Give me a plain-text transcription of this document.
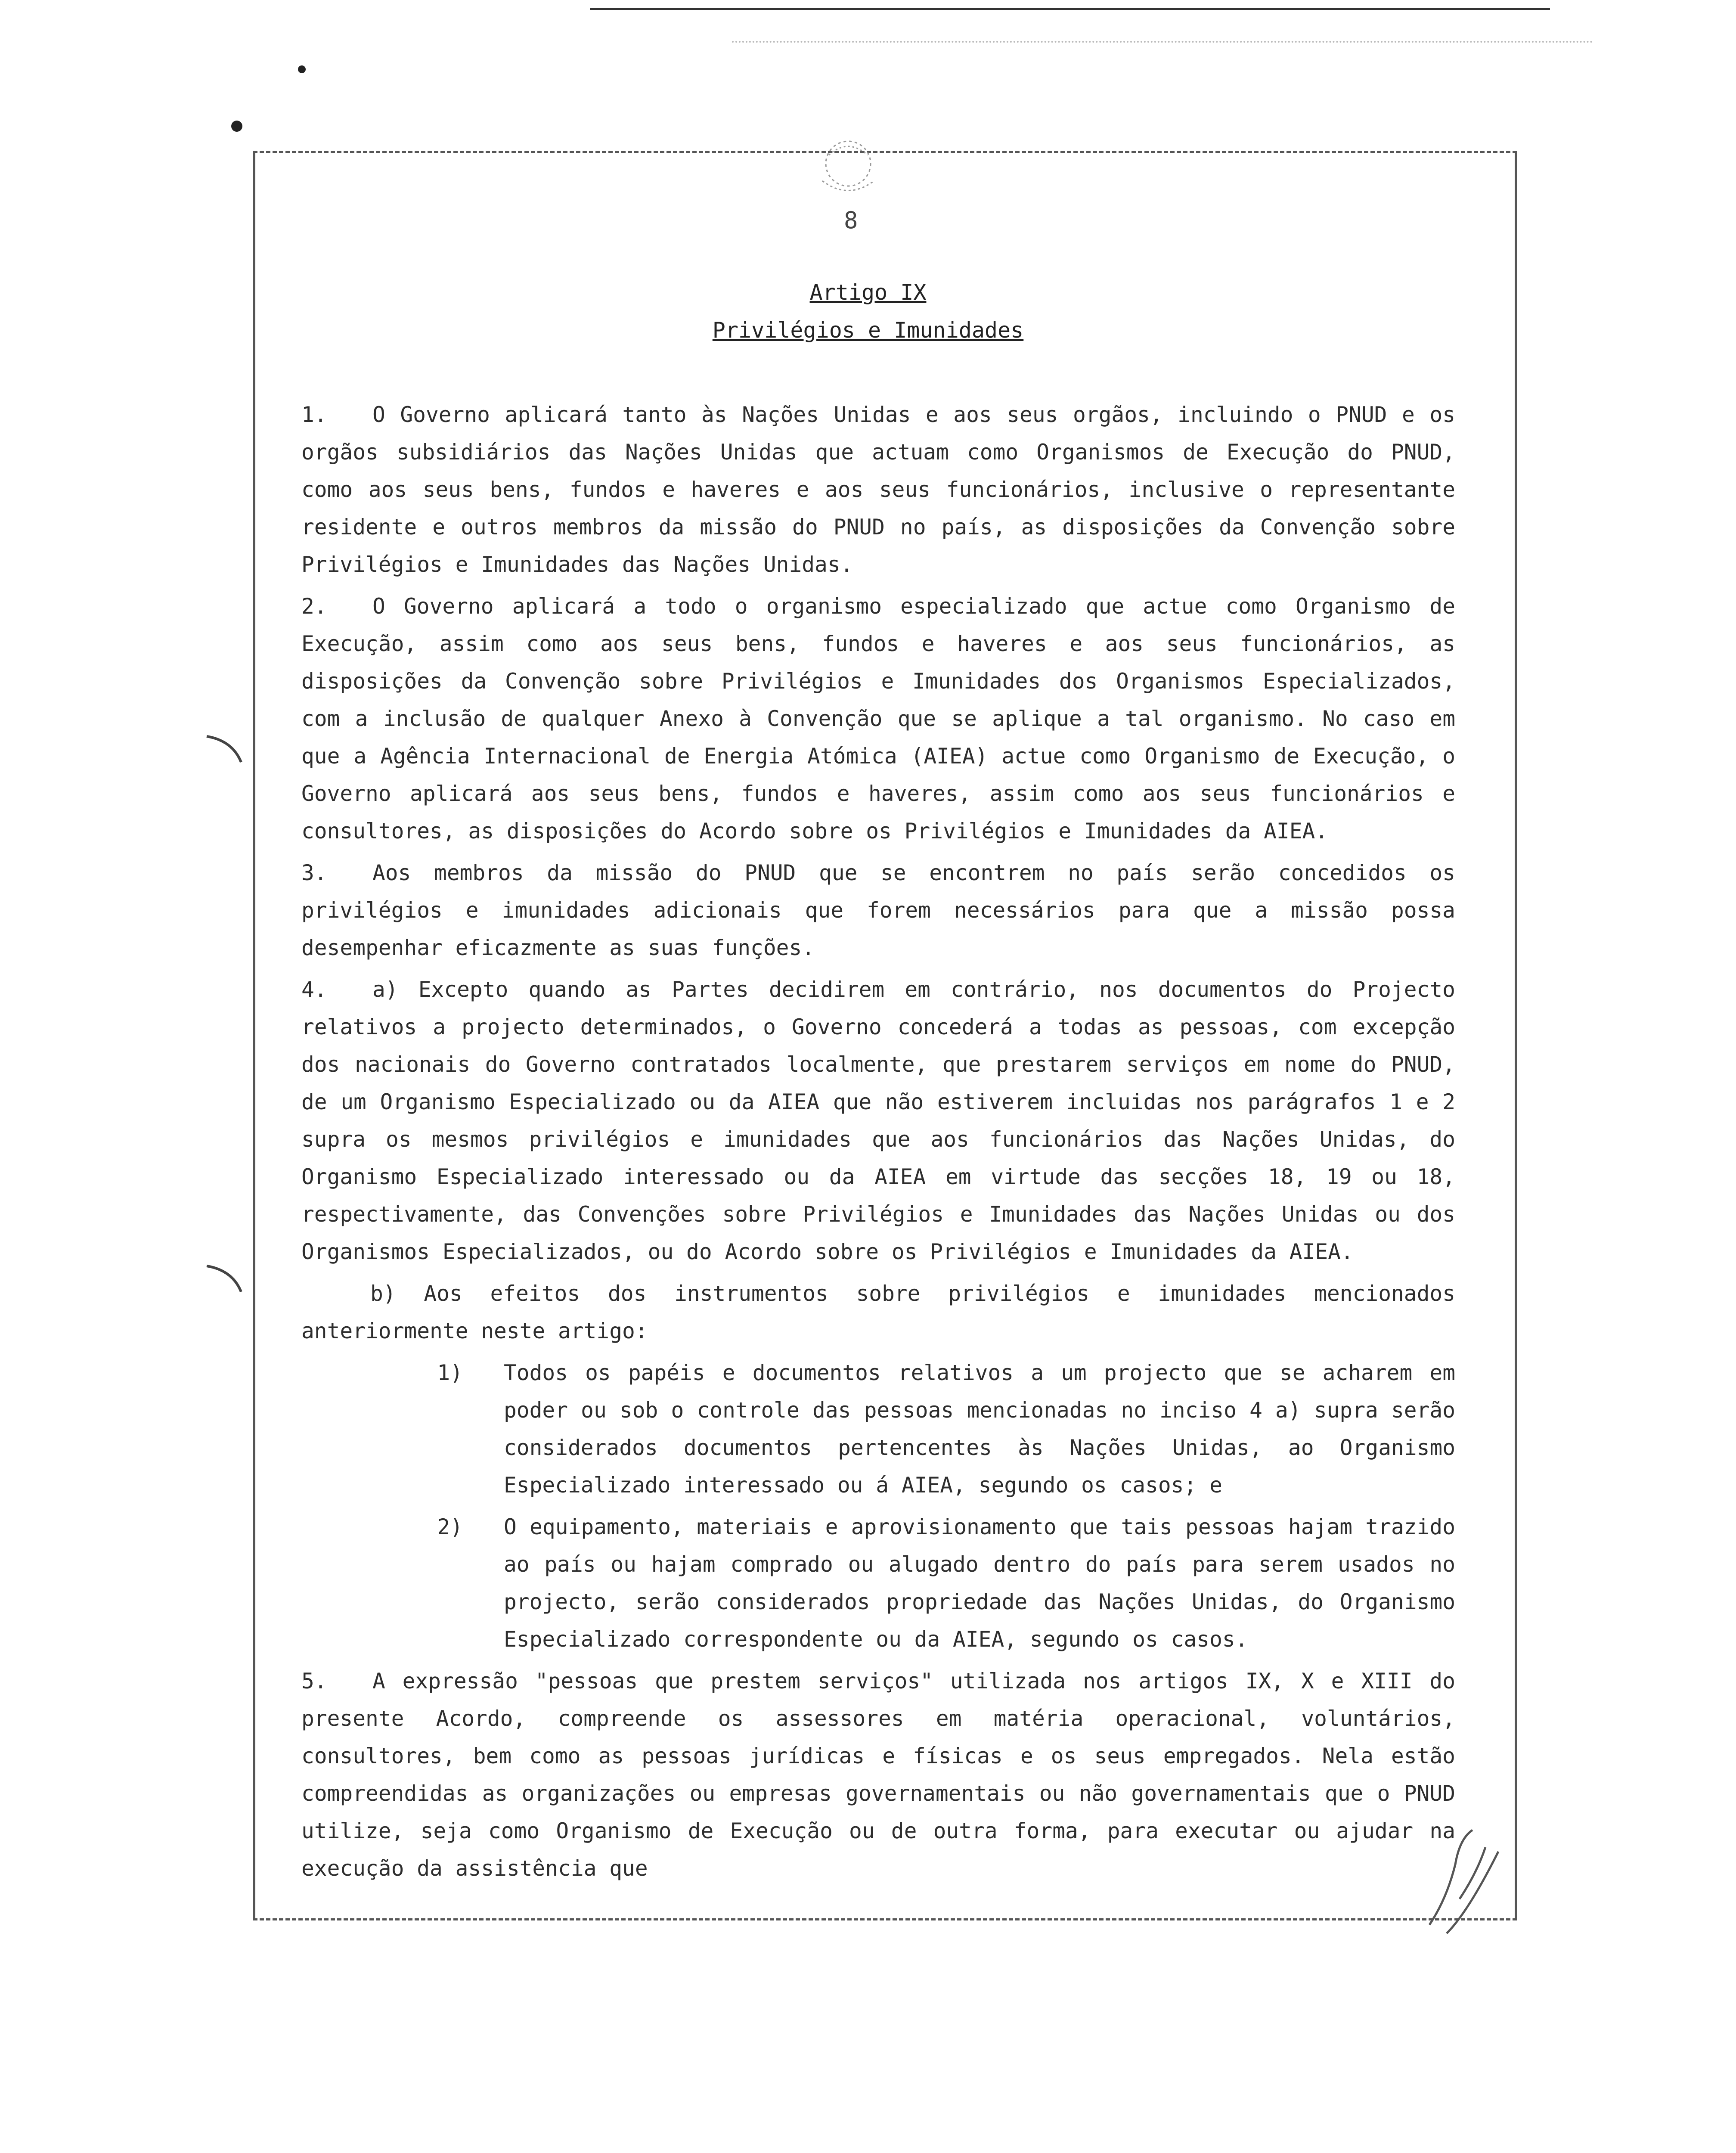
8
Artigo IX
Privilégios e Imunidades

1. O Governo aplicará tanto às Nações Unidas e aos seus orgãos, incluindo o PNUD e os orgãos subsidiários das Nações Unidas que actuam como Organismos de Execução do PNUD, como aos seus bens, fundos e haveres e aos seus funcionários, inclusive o representante residente e outros membros da missão do PNUD no país, as disposições da Convenção sobre Privilégios e Imunidades das Nações Unidas.

2. O Governo aplicará a todo o organismo especializado que actue como Organismo de Execução, assim como aos seus bens, fundos e haveres e aos seus funcionários, as disposições da Convenção sobre Privilégios e Imunidades dos Organismos Especializados, com a inclusão de qualquer Anexo à Convenção que se aplique a tal organismo. No caso em que a Agência Internacional de Energia Atómica (AIEA) actue como Organismo de Execução, o Governo aplicará aos seus bens, fundos e haveres, assim como aos seus funcionários e consultores, as disposições do Acordo sobre os Privilégios e Imunidades da AIEA.

3. Aos membros da missão do PNUD que se encontrem no país serão concedidos os privilégios e imunidades adicionais que forem necessários para que a missão possa desempenhar eficazmente as suas funções.

4. a) Excepto quando as Partes decidirem em contrário, nos documentos do Projecto relativos a projecto determinados, o Governo concederá a todas as pessoas, com excepção dos nacionais do Governo contratados localmente, que prestarem serviços em nome do PNUD, de um Organismo Especializado ou da AIEA que não estiverem incluidas nos parágrafos 1 e 2 supra os mesmos privilégios e imunidades que aos funcionários das Nações Unidas, do Organismo Especializado interessado ou da AIEA em virtude das secções 18, 19 ou 18, respectivamente, das Convenções sobre Privilégios e Imunidades das Nações Unidas ou dos Organismos Especializados, ou do Acordo sobre os Privilégios e Imunidades da AIEA.

b) Aos efeitos dos instrumentos sobre privilégios e imunidades mencionados anteriormente neste artigo:

1)	Todos os papéis e documentos relativos a um projecto que se acharem em poder ou sob o controle das pessoas mencionadas no inciso 4 a) supra serão considerados documentos pertencentes às Nações Unidas, ao Organismo Especializado interessado ou á AIEA, segundo os casos; e
2)	O equipamento, materiais e aprovisionamento que tais pessoas hajam trazido ao país ou hajam comprado ou alugado dentro do país para serem usados no projecto, serão considerados propriedade das Nações Unidas, do Organismo Especializado correspondente ou da AIEA, segundo os casos.

5. A expressão "pessoas que prestem serviços" utilizada nos artigos IX, X e XIII do presente Acordo, compreende os assessores em matéria operacional, voluntários, consultores, bem como as pessoas jurídicas e físicas e os seus empregados. Nela estão compreendidas as organizações ou empresas governamentais ou não governamentais que o PNUD utilize, seja como Organismo de Execução ou de outra forma, para executar ou ajudar na execução da assistência que
